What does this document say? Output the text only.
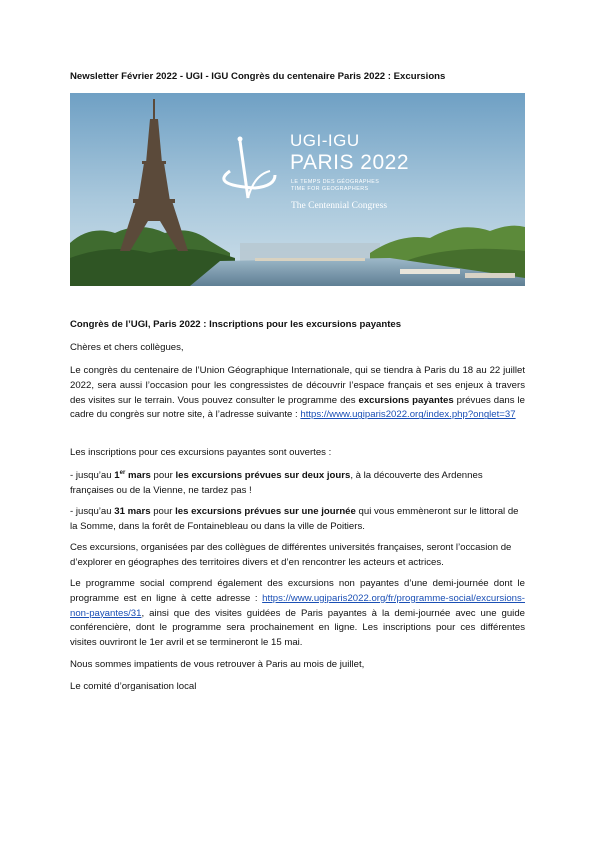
Newsletter Février 2022 - UGI - IGU Congrès du centenaire Paris 2022 : Excursions
UGI-IGU
PARIS 2022
LE TEMPS DES GÉOGRAPHES
TIME FOR GEOGRAPHERS
The Centennial Congress
Congrès de l’UGI, Paris 2022 : Inscriptions pour les excursions payantes
Chères et chers collègues,
Le congrès du centenaire de l’Union Géographique Internationale, qui se tiendra à Paris du 18 au 22 juillet 2022, sera aussi l’occasion pour les congressistes de découvrir l’espace français et ses enjeux à travers des visites sur le terrain. Vous pouvez consulter le programme des excursions payantes prévues dans le cadre du congrès sur notre site, à l’adresse suivante : https://www.ugiparis2022.org/index.php?onglet=37
Les inscriptions pour ces excursions payantes sont ouvertes :
- jusqu’au 1er mars pour les excursions prévues sur deux jours, à la découverte des Ardennes françaises ou de la Vienne, ne tardez pas !
- jusqu’au 31 mars pour les excursions prévues sur une journée qui vous emmèneront sur le littoral de la Somme, dans la forêt de Fontainebleau ou dans la ville de Poitiers.
Ces excursions, organisées par des collègues de différentes universités françaises, seront l’occasion de d’explorer en géographes des territoires divers et d’en rencontrer les acteurs et actrices.
Le programme social comprend également des excursions non payantes d’une demi-journée dont le programme est en ligne à cette adresse : https://www.ugiparis2022.org/fr/programme-social/excursions-non-payantes/31, ainsi que des visites guidées de Paris payantes à la demi-journée avec une guide conférencière, dont le programme sera prochainement en ligne. Les inscriptions pour ces différentes visites ouvriront le 1er avril et se termineront le 15 mai.
Nous sommes impatients de vous retrouver à Paris au mois de juillet,
Le comité d’organisation local
